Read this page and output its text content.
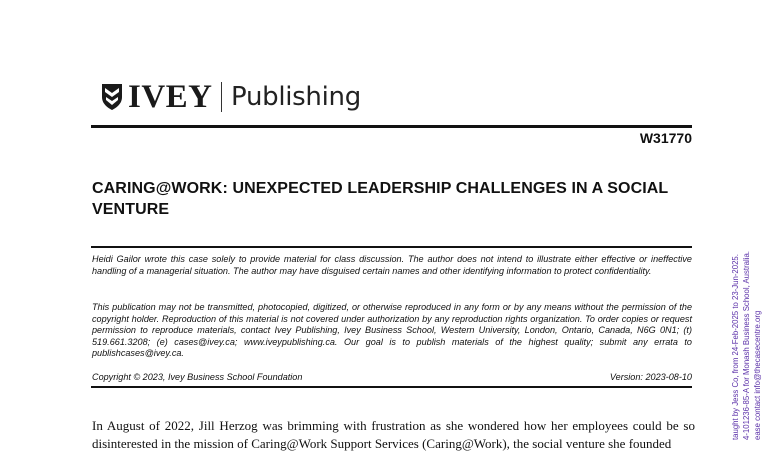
IVEY Publishing
W31770
CARING@WORK: UNEXPECTED LEADERSHIP CHALLENGES IN A SOCIAL VENTURE

Heidi Gailor wrote this case solely to provide material for class discussion. The author does not intend to illustrate either effective or ineffective handling of a managerial situation. The author may have disguised certain names and other identifying information to protect confidentiality.

This publication may not be transmitted, photocopied, digitized, or otherwise reproduced in any form or by any means without the permission of the copyright holder. Reproduction of this material is not covered under authorization by any reproduction rights organization. To order copies or request permission to reproduce materials, contact Ivey Publishing, Ivey Business School, Western University, London, Ontario, Canada, N6G 0N1; (t) 519.661.3208; (e) cases@ivey.ca; www.iveypublishing.ca. Our goal is to publish materials of the highest quality; submit any errata to publishcases@ivey.ca.

Copyright © 2023, Ivey Business School Foundation	Version: 2023-08-10

In August of 2022, Jill Herzog was brimming with frustration as she wondered how her employees could be so disinterested in the mission of Caring@Work Support Services (Caring@Work), the social venture she founded

taught by Jess Co, from 24-Feb-2025 to 23-Jun-2025. 4-101236-85-A for Monash Business School, Australia. ease contact info@thecasecentre.org
